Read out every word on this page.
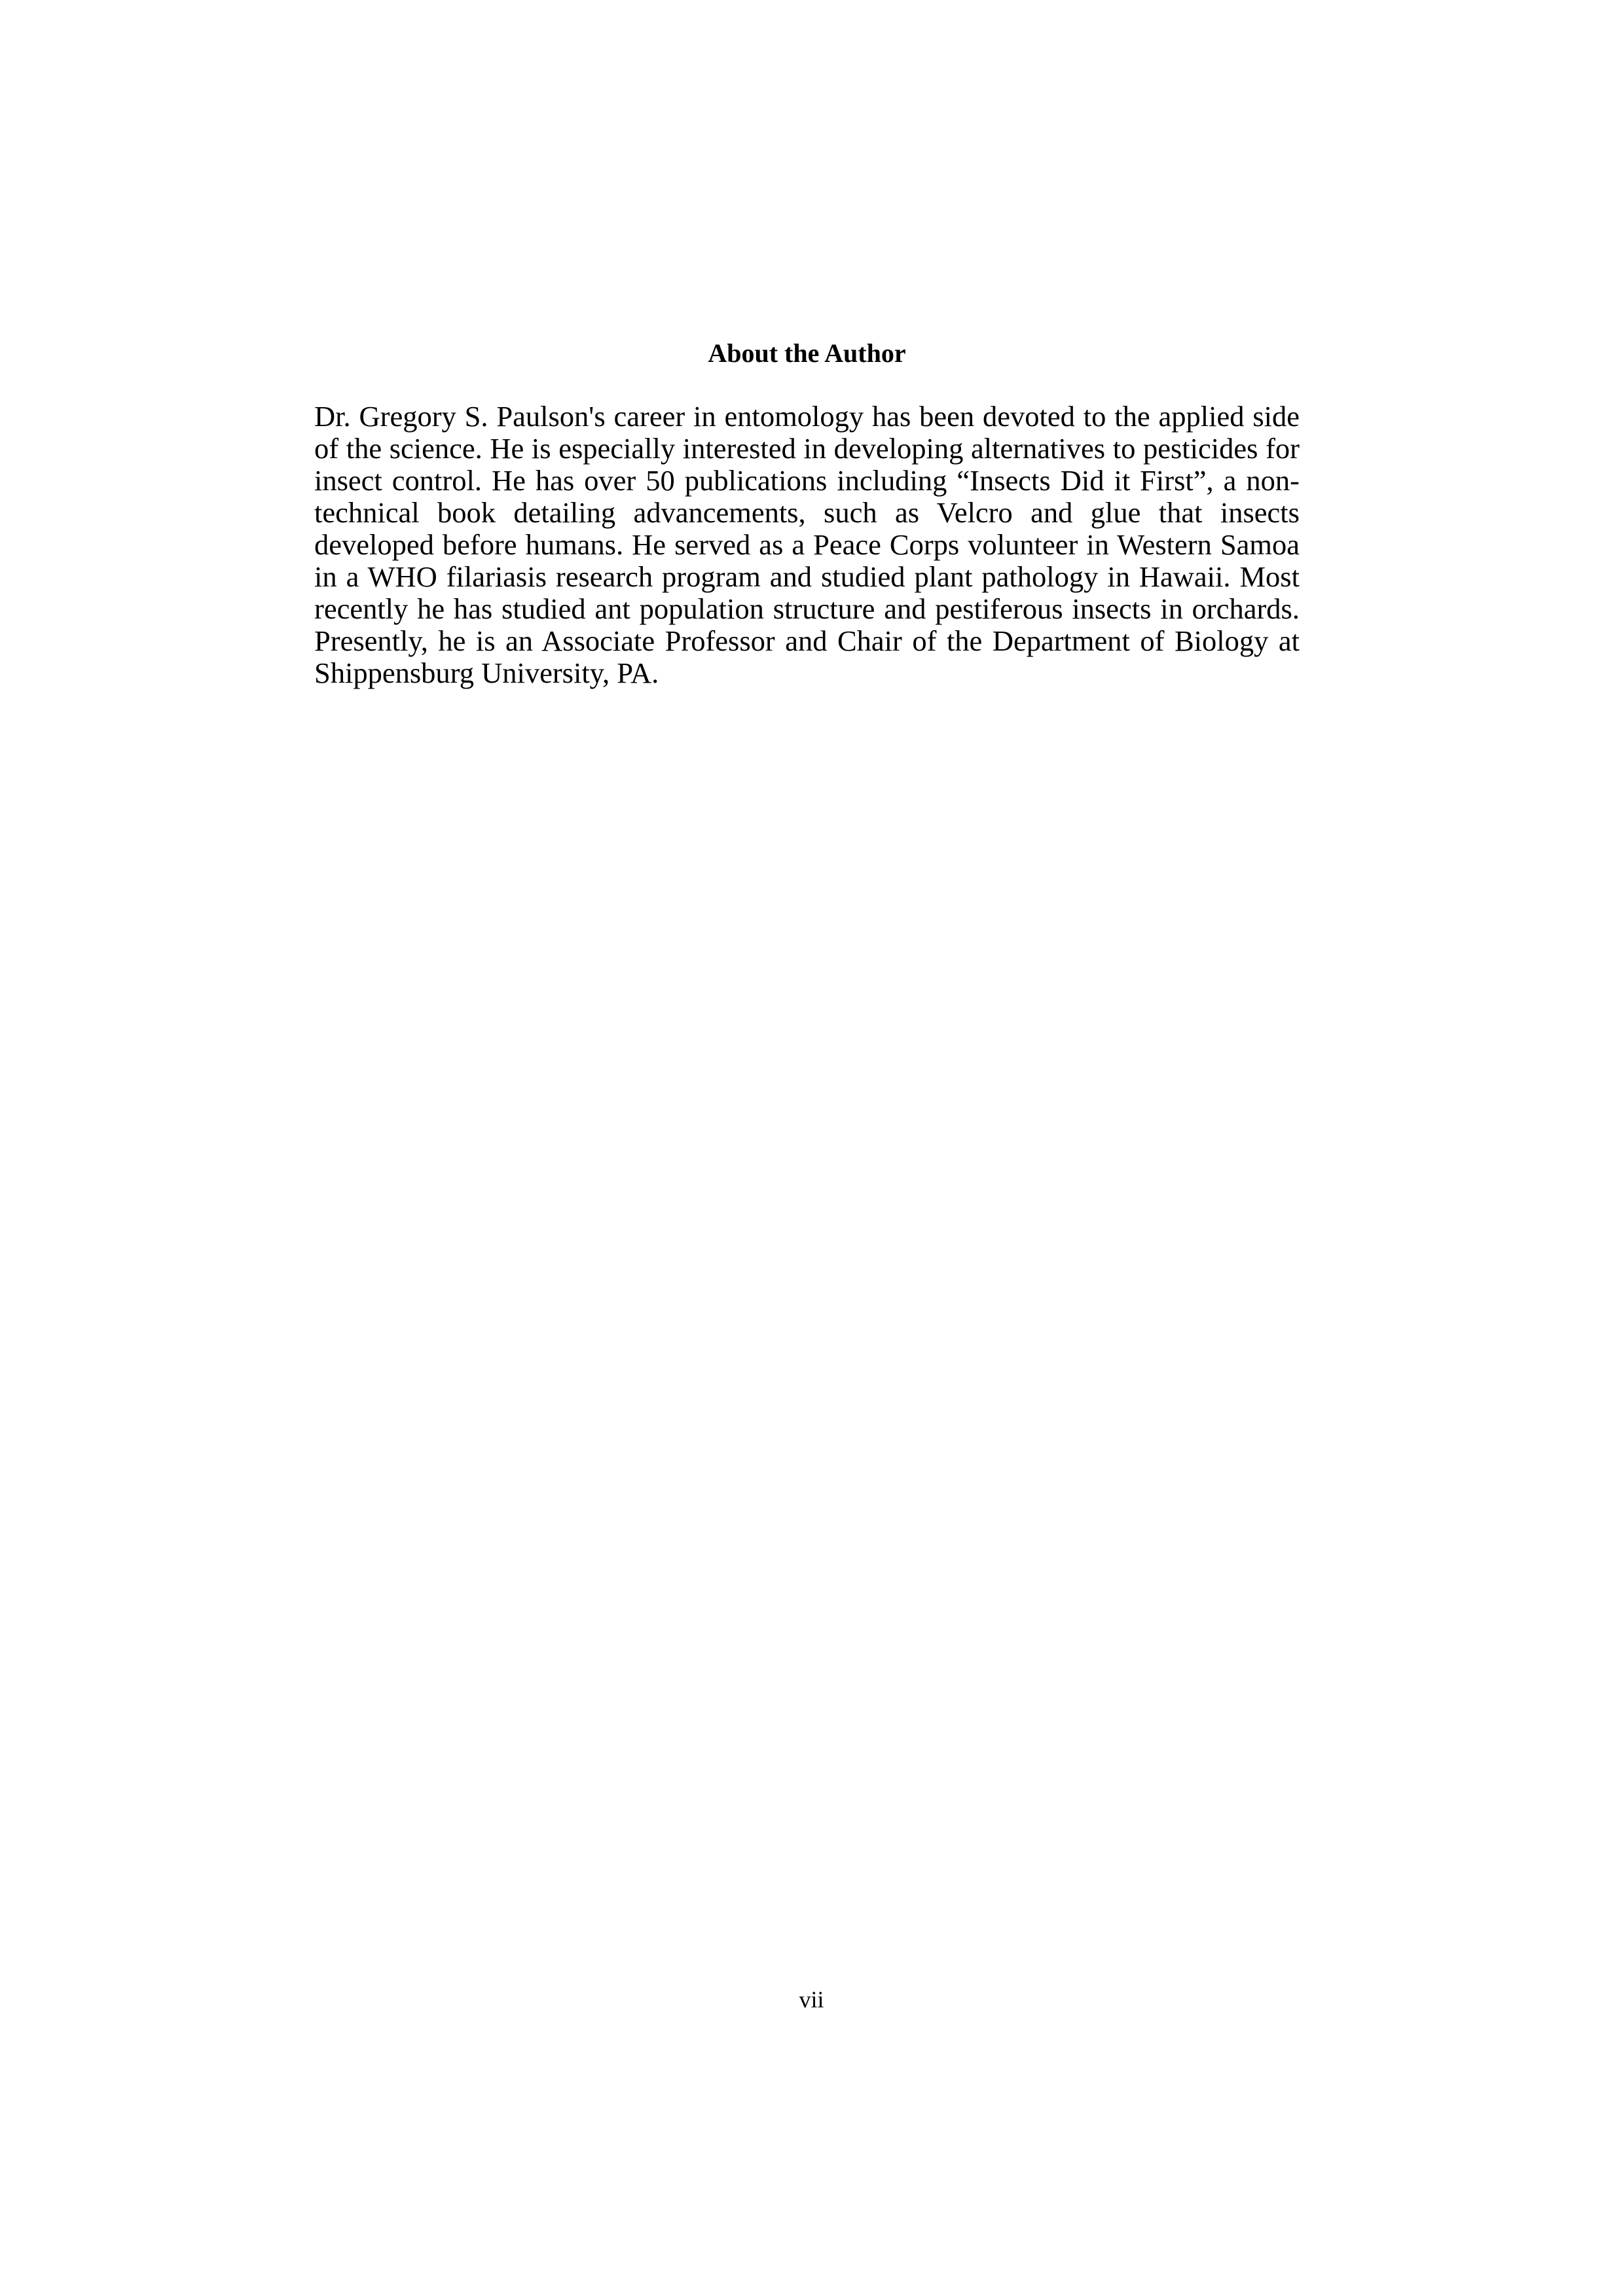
About the Author

Dr. Gregory S. Paulson's career in entomology has been devoted to the applied side of the science. He is especially interested in developing alternatives to pesticides for insect control. He has over 50 publications including “Insects Did it First”, a non-technical book detailing advancements, such as Velcro and glue that insects developed before humans. He served as a Peace Corps volunteer in Western Samoa in a WHO filariasis research program and studied plant pathology in Hawaii. Most recently he has studied ant population structure and pestiferous insects in orchards. Presently, he is an Associate Professor and Chair of the Department of Biology at Shippensburg University, PA.

vii
